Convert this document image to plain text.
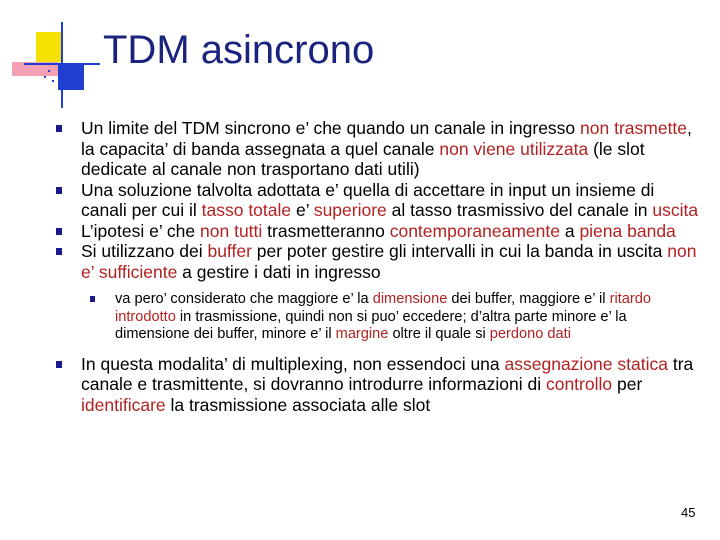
TDM asincrono
Un limite del TDM sincrono e’ che quando un canale in ingresso non trasmette, la capacita’ di banda assegnata a quel canale non viene utilizzata (le slot dedicate al canale non trasportano dati utili)
Una soluzione talvolta adottata e’ quella di accettare in input un insieme di canali per cui il tasso totale e’ superiore al tasso trasmissivo del canale in uscita
L’ipotesi e’ che non tutti trasmetteranno contemporaneamente a piena banda
Si utilizzano dei buffer per poter gestire gli intervalli in cui la banda in uscita non e’ sufficiente a gestire i dati in ingresso
va pero’ considerato che maggiore e’ la dimensione dei buffer, maggiore e’ il ritardo introdotto in trasmissione, quindi non si puo’ eccedere; d’altra parte minore e’ la dimensione dei buffer, minore e’ il margine oltre il quale si perdono dati
In questa modalita’ di multiplexing, non essendoci una assegnazione statica tra canale e trasmittente, si dovranno introdurre informazioni di controllo per identificare la trasmissione associata alle slot
45
